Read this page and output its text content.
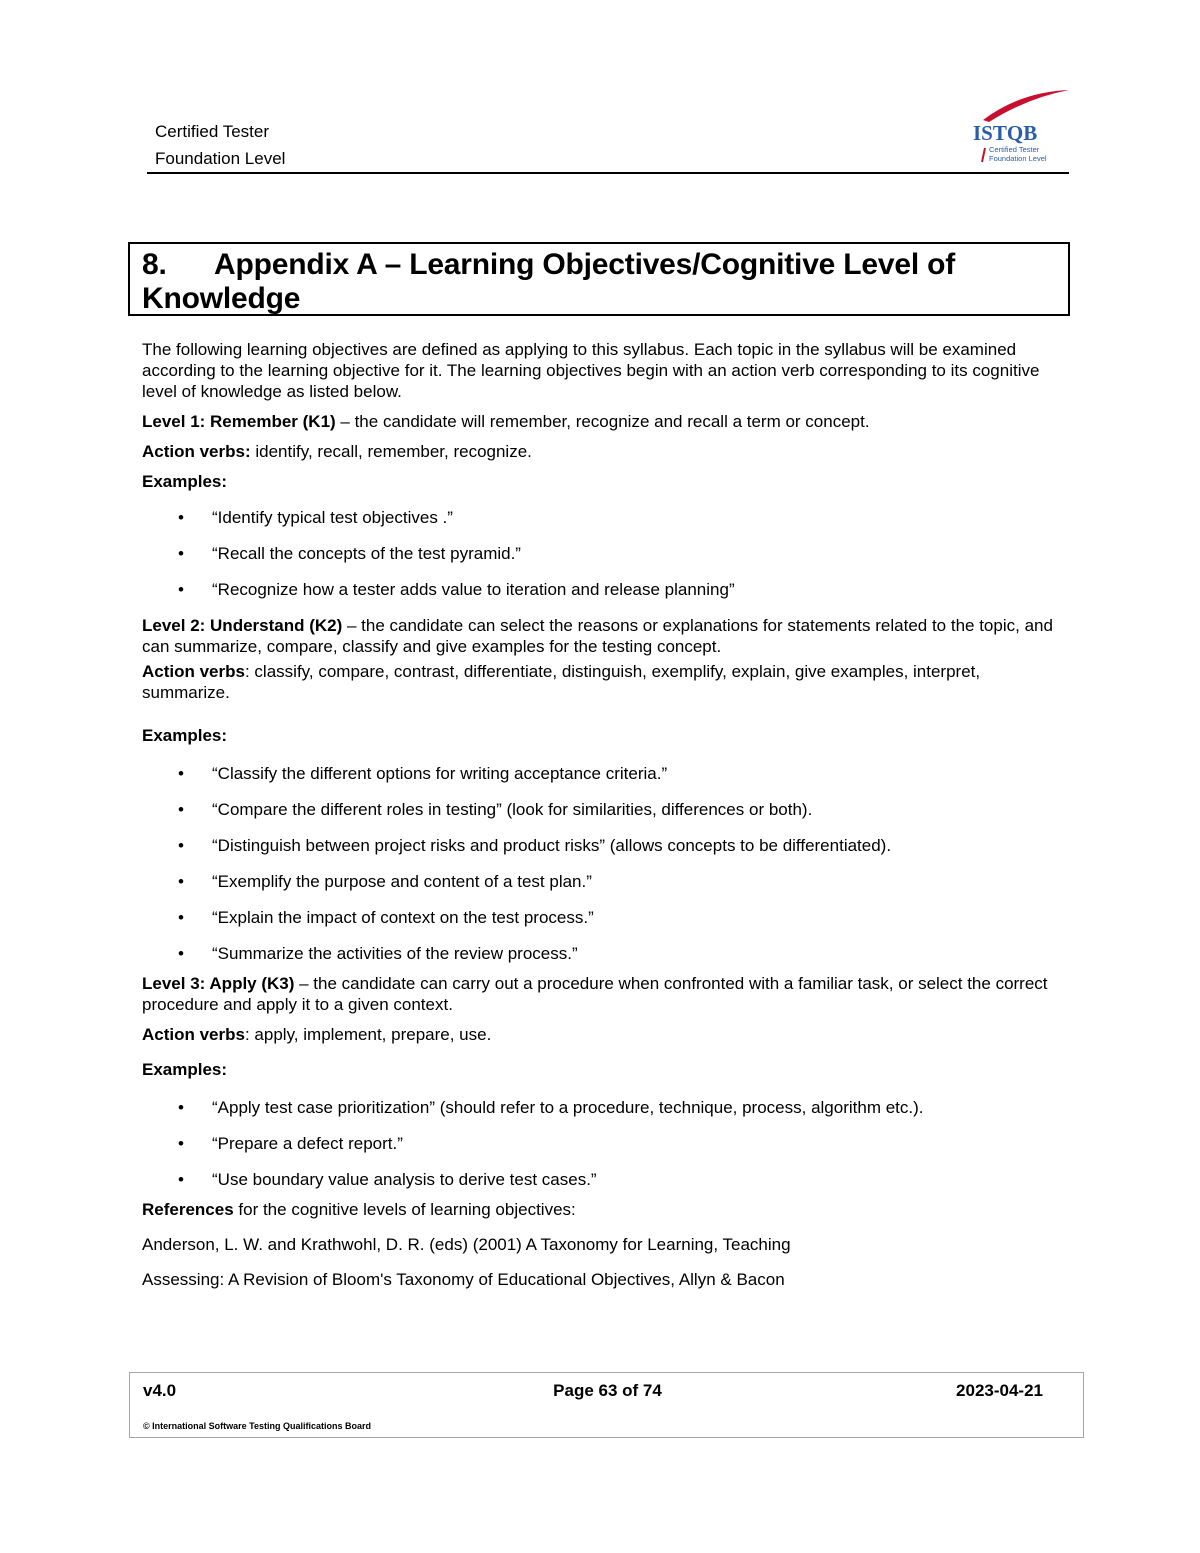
Certified Tester
Foundation Level
ISTQB
Certified Tester
Foundation Level
8. Appendix A – Learning Objectives/Cognitive Level of
Knowledge

The following learning objectives are defined as applying to this syllabus. Each topic in the syllabus will be examined according to the learning objective for it. The learning objectives begin with an action verb corresponding to its cognitive level of knowledge as listed below.

Level 1: Remember (K1) – the candidate will remember, recognize and recall a term or concept.

Action verbs: identify, recall, remember, recognize.

Examples:

• “Identify typical test objectives .”
• “Recall the concepts of the test pyramid.”
• “Recognize how a tester adds value to iteration and release planning”

Level 2: Understand (K2) – the candidate can select the reasons or explanations for statements related to the topic, and can summarize, compare, classify and give examples for the testing concept.

Action verbs: classify, compare, contrast, differentiate, distinguish, exemplify, explain, give examples, interpret, summarize.

Examples:

• “Classify the different options for writing acceptance criteria.”
• “Compare the different roles in testing” (look for similarities, differences or both).
• “Distinguish between project risks and product risks” (allows concepts to be differentiated).
• “Exemplify the purpose and content of a test plan.”
• “Explain the impact of context on the test process.”
• “Summarize the activities of the review process.”

Level 3: Apply (K3) – the candidate can carry out a procedure when confronted with a familiar task, or select the correct procedure and apply it to a given context.

Action verbs: apply, implement, prepare, use.

Examples:

• “Apply test case prioritization” (should refer to a procedure, technique, process, algorithm etc.).
• “Prepare a defect report.”
• “Use boundary value analysis to derive test cases.”

References for the cognitive levels of learning objectives:

Anderson, L. W. and Krathwohl, D. R. (eds) (2001) A Taxonomy for Learning, Teaching

Assessing: A Revision of Bloom's Taxonomy of Educational Objectives, Allyn & Bacon

v4.0	Page 63 of 74	2023-04-21
© International Software Testing Qualifications Board
